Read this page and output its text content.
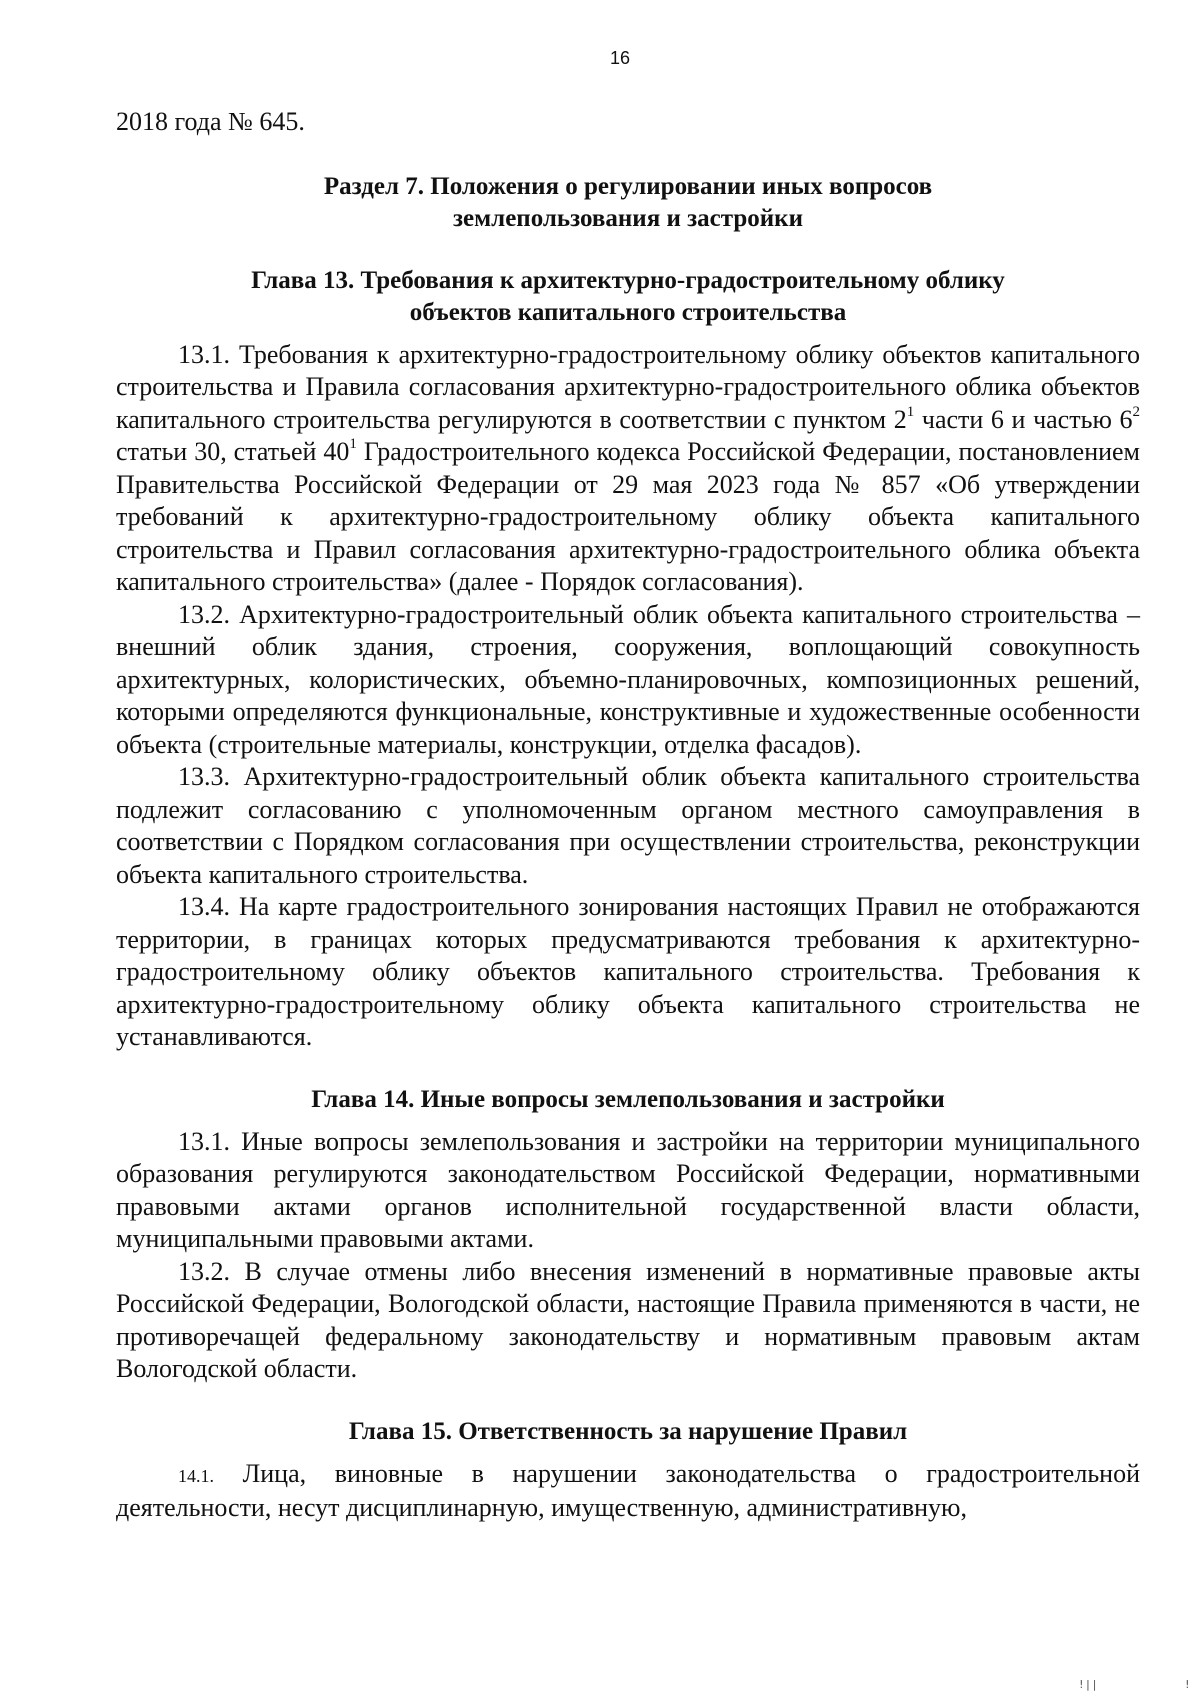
16

2018 года № 645.

Раздел 7. Положения о регулировании иных вопросов
землепользования и застройки
Глава 13. Требования к архитектурно-градостроительному облику
объектов капитального строительства

13.1. Требования к архитектурно-градостроительному облику объектов капитального строительства и Правила согласования архитектурно-градостроительного облика объектов капитального строительства регулируются в соответствии с пунктом $2^1$ части 6 и частью $6^2$ статьи 30, статьей $40^1$ Градостроительного кодекса Российской Федерации, постановлением Правительства Российской Федерации от 29 мая 2023 года № 857 «Об утверждении требований к архитектурно-градостроительному облику объекта капитального строительства и Правил согласования архитектурно-градостроительного облика объекта капитального строительства» (далее - Порядок согласования).

13.2. Архитектурно-градостроительный облик объекта капитального строительства – внешний облик здания, строения, сооружения, воплощающий совокупность архитектурных, колористических, объемно-планировочных, композиционных решений, которыми определяются функциональные, конструктивные и художественные особенности объекта (строительные материалы, конструкции, отделка фасадов).

13.3. Архитектурно-градостроительный облик объекта капитального строительства подлежит согласованию с уполномоченным органом местного самоуправления в соответствии с Порядком согласования при осуществлении строительства, реконструкции объекта капитального строительства.

13.4. На карте градостроительного зонирования настоящих Правил не отображаются территории, в границах которых предусматриваются требования к архитектурно-градостроительному облику объектов капитального строительства. Требования к архитектурно-градостроительному облику объекта капитального строительства не устанавливаются.

Глава 14. Иные вопросы землепользования и застройки

13.1. Иные вопросы землепользования и застройки на территории муниципального образования регулируются законодательством Российской Федерации, нормативными правовыми актами органов исполнительной государственной власти области, муниципальными правовыми актами.

13.2. В случае отмены либо внесения изменений в нормативные правовые акты Российской Федерации, Вологодской области, настоящие Правила применяются в части, не противоречащей федеральному законодательству и нормативным правовым актам Вологодской области.

Глава 15. Ответственность за нарушение Правил

14.1. Лица, виновные в нарушении законодательства о градостроительной деятельности, несут дисциплинарную, имущественную, административную,

!||	!
